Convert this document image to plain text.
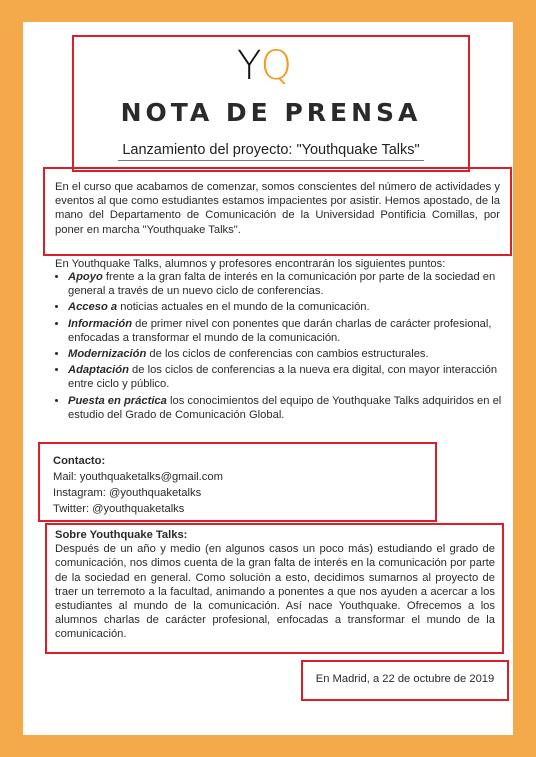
YQ
NOTA DE PRENSA
Lanzamiento del proyecto: "Youthquake Talks"
En el curso que acabamos de comenzar, somos conscientes del número de actividades y eventos al que como estudiantes estamos impacientes por asistir. Hemos apostado, de la mano del Departamento de Comunicación de la Universidad Pontificia Comillas, por poner en marcha "Youthquake Talks".
En Youthquake Talks, alumnos y profesores encontrarán los siguientes puntos:
• Apoyo frente a la gran falta de interés en la comunicación por parte de la sociedad en general a través de un nuevo ciclo de conferencias.
• Acceso a noticias actuales en el mundo de la comunicación.
• Información de primer nivel con ponentes que darán charlas de carácter profesional, enfocadas a transformar el mundo de la comunicación.
• Modernización de los ciclos de conferencias con cambios estructurales.
• Adaptación de los ciclos de conferencias a la nueva era digital, con mayor interacción entre ciclo y público.
• Puesta en práctica los conocimientos del equipo de Youthquake Talks adquiridos en el estudio del Grado de Comunicación Global.
Contacto:
Mail: youthquaketalks@gmail.com
Instagram: @youthquaketalks
Twitter: @youthquaketalks
Sobre Youthquake Talks:
Después de un año y medio (en algunos casos un poco más) estudiando el grado de comunicación, nos dimos cuenta de la gran falta de interés en la comunicación por parte de la sociedad en general. Como solución a esto, decidimos sumarnos al proyecto de traer un terremoto a la facultad, animando a ponentes a que nos ayuden a acercar a los estudiantes al mundo de la comunicación. Así nace Youthquake. Ofrecemos a los alumnos charlas de carácter profesional, enfocadas a transformar el mundo de la comunicación.
En Madrid, a 22 de octubre de 2019
